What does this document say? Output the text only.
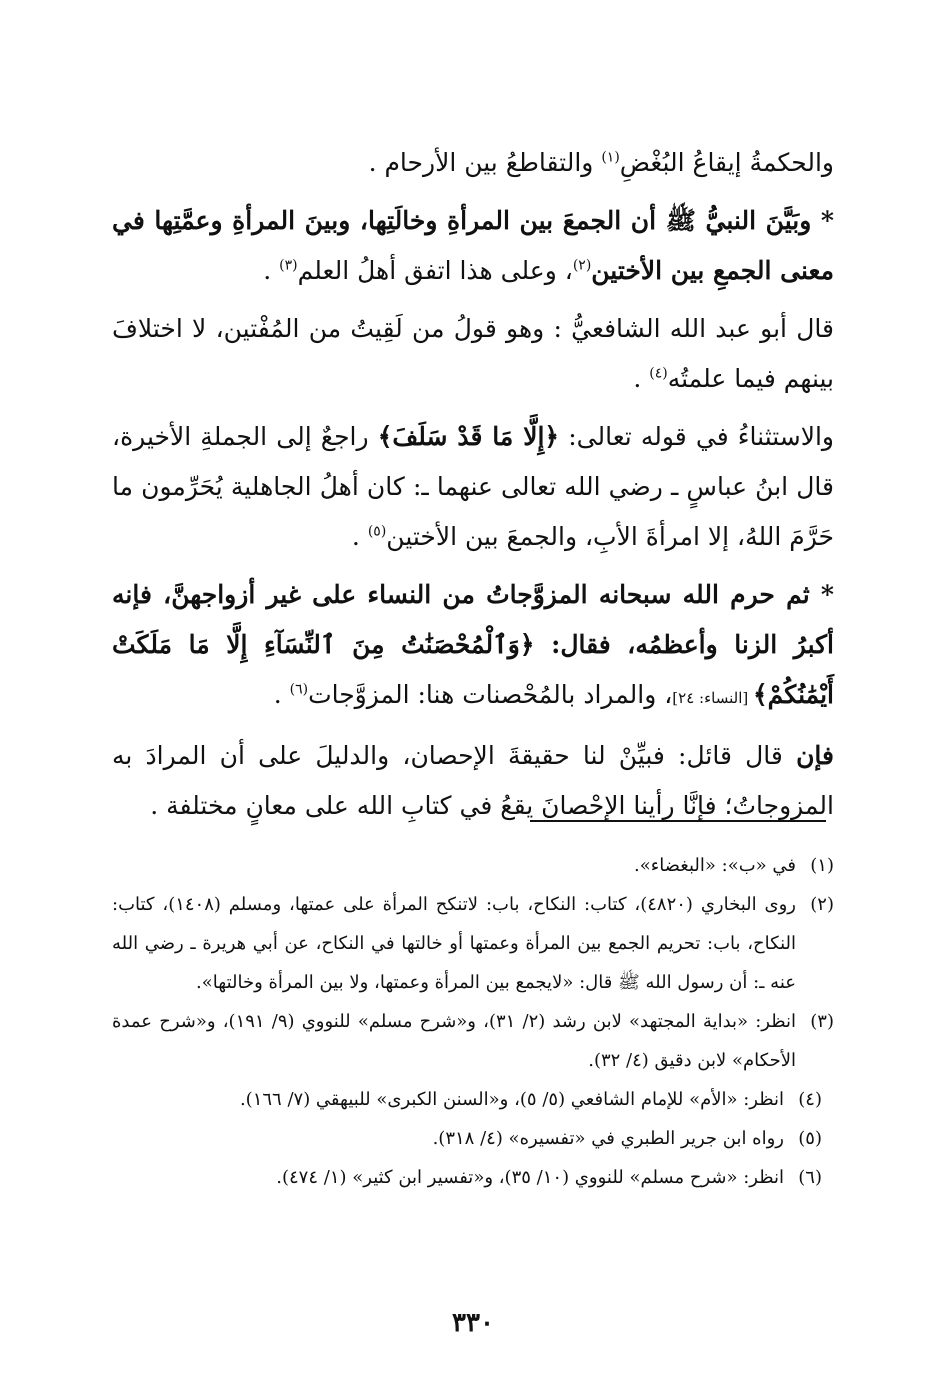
والحكمةُ إيقاعُ البُغْضِ$^{(١)}$ والتقاطعُ بين الأرحام .

* وبَيَّنَ النبيُّ ﷺ أن الجمعَ بين المرأةِ وخالَتِها، وبينَ المرأةِ وعمَّتِها في معنى الجمعِ بين الأختين$^{(٢)}$، وعلى هذا اتفق أهلُ العلم$^{(٣)}$ .

قال أبو عبد الله الشافعيُّ : وهو قولُ من لَقِيتُ من المُفْتين، لا اختلافَ بينهم فيما علمتُه$^{(٤)}$ .

والاستثناءُ في قوله تعالى: ﴿إِلَّا مَا قَدْ سَلَفَ﴾ راجعٌ إلى الجملةِ الأخيرة، قال ابنُ عباسٍ ـ رضي الله تعالى عنهما ـ: كان أهلُ الجاهلية يُحَرِّمون ما حَرَّمَ اللهُ، إلا امرأةَ الأبِ، والجمعَ بين الأختين$^{(٥)}$ .

* ثم حرم الله سبحانه المزوَّجاتُ من النساء على غير أزواجهنَّ، فإنه أكبرُ الزنا وأعظمُه، فقال: ﴿وَٱلْمُحْصَنَٰتُ مِنَ ٱلنِّسَآءِ إِلَّا مَا مَلَكَتْ أَيْمَٰنُكُمْ﴾ [النساء: ٢٤]، والمراد بالمُحْصنات هنا: المزوَّجات$^{(٦)}$ .

فإن قال قائل: فبيِّنْ لنا حقيقةَ الإحصان، والدليلَ على أن المرادَ به المزوجاتُ؛ فإنَّا رأينا الإحْصانَ يقعُ في كتابِ الله على معانٍ مختلفة .

(١)
في «ب»: «البغضاء».
(٢)
روى البخاري (٤٨٢٠)، كتاب: النكاح، باب: لاتنكح المرأة على عمتها، ومسلم (١٤٠٨)، كتاب: النكاح، باب: تحريم الجمع بين المرأة وعمتها أو خالتها في النكاح، عن أبي هريرة ـ رضي الله عنه ـ: أن رسول الله ﷺ قال: «لايجمع بين المرأة وعمتها، ولا بين المرأة وخالتها».
(٣)
انظر: «بداية المجتهد» لابن رشد (٢/ ٣١)، و«شرح مسلم» للنووي (٩/ ١٩١)، و«شرح عمدة الأحكام» لابن دقيق (٤/ ٣٢).
(٤)
انظر: «الأم» للإمام الشافعي (٥/ ٥)، و«السنن الكبرى» للبيهقي (٧/ ١٦٦).
(٥)
رواه ابن جرير الطبري في «تفسيره» (٤/ ٣١٨).
(٦)
انظر: «شرح مسلم» للنووي (١٠/ ٣٥)، و«تفسير ابن كثير» (١/ ٤٧٤).
٣٣٠
